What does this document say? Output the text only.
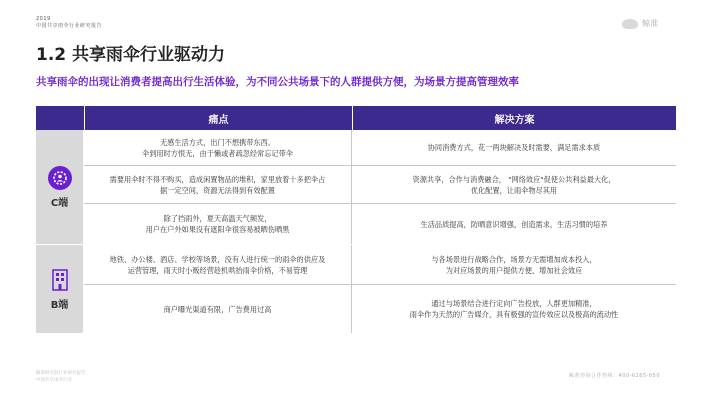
2019
中国共享雨伞行业研究报告	鲸准
1.2 共享雨伞行业驱动力
共享雨伞的出现让消费者提高出行生活体验，为不同公共场景下的人群提供方便，为场景方提高管理效率
痛点	解决方案
C端
无感生活方式，出门不想携带东西。
伞到用时方恨无，由于懒或者疏忽经常忘记带伞
协同消费方式，花一两块解决及时需要，满足需求本质
需要用伞时不得不购买，造成闲置物品的堆积，家里放着十多把伞占
据一定空间，资源无法得到有效配置
资源共享，合作与消费融合， "网络效应"促使公共利益最大化，
优化配置，让雨伞物尽其用
除了挡雨外，夏天高温天气频发，
用户在户外如果没有遮阳伞很容易被晒伤晒黑
生活品质提高，防晒意识增强，创造需求，生活习惯的培养
B端
地铁、办公楼、酒店、学校等场景，没有人进行统一的雨伞的供应及
运营管理，雨天时小贩经营趁机哄抬雨伞价格，不易管理
与各场景进行战略合作，场景方无需增加成本投入，
为对应场景的用户提供方便，增加社会效应
商户曝光渠道有限，广告费用过高
通过与场景结合进行定向广告投放，人群更加精准，
雨伞作为天然的广告媒介，具有极强的宣传效应以及极高的流动性
鲸准研究院行业研究报告
中国共享雨伞行业
鲸准咨询合作热线：400-6265-050
